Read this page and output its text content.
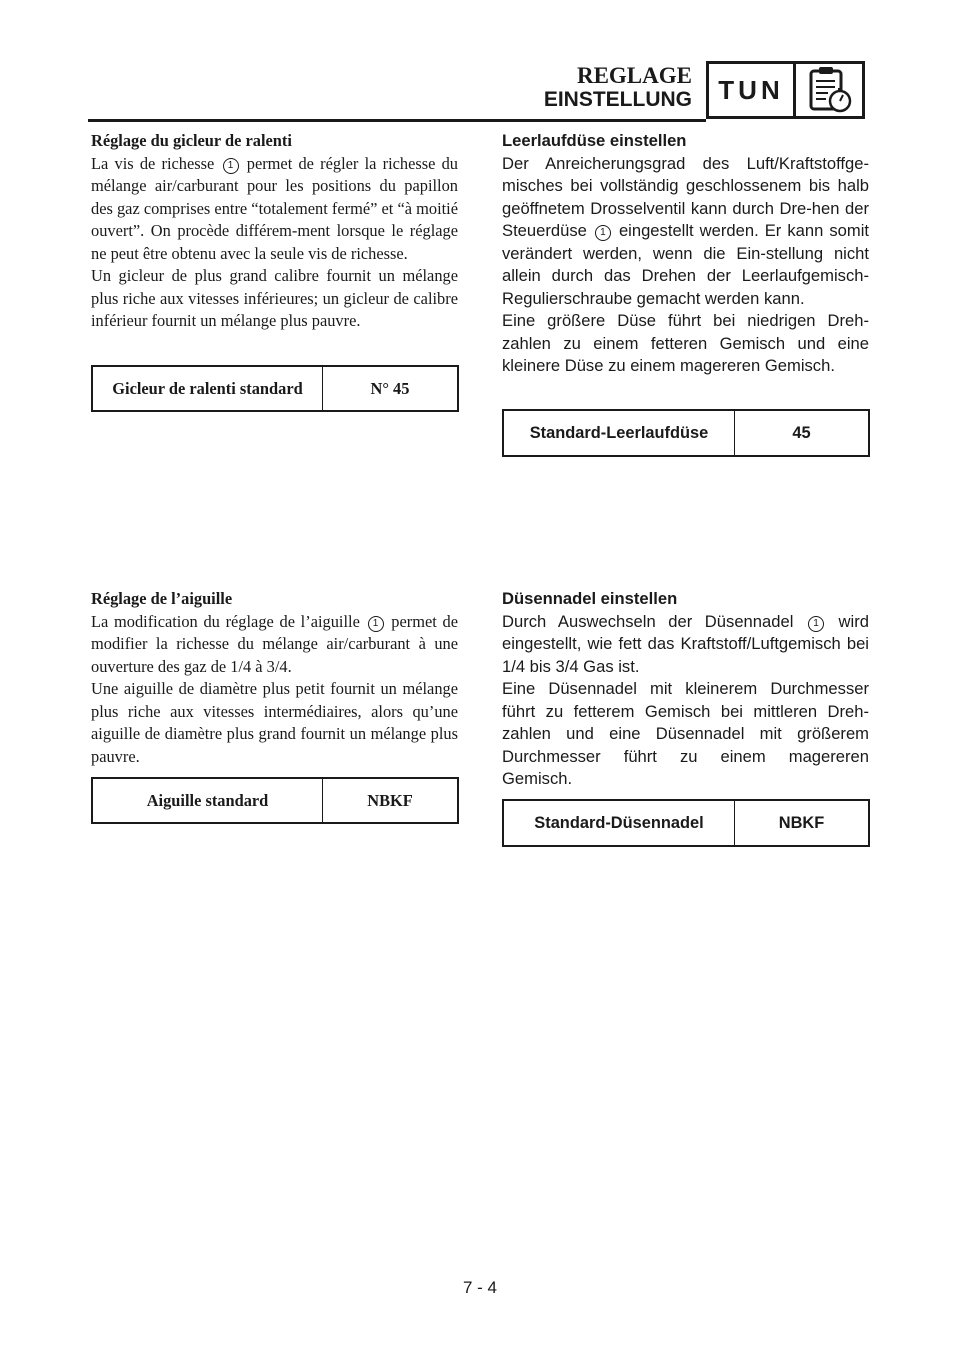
REGLAGE
EINSTELLUNG	TUN

Réglage du gicleur de ralenti

La vis de richesse 1 permet de régler la richesse du mélange air/carburant pour les positions du papillon des gaz comprises entre “totalement fermé” et “à moitié ouvert”. On procède différem-ment lorsque le réglage ne peut être obtenu avec la seule vis de richesse.

Un gicleur de plus grand calibre fournit un mélange plus riche aux vitesses inférieures; un gicleur de calibre inférieur fournit un mélange plus pauvre.

Gicleur de ralenti standard	N° 45

Leerlaufdüse einstellen

Der Anreicherungsgrad des Luft/Kraftstoffge-misches bei vollständig geschlossenem bis halb geöffnetem Drosselventil kann durch Dre-hen der Steuerdüse 1 eingestellt werden. Er kann somit verändert werden, wenn die Ein-stellung nicht allein durch das Drehen der Leerlaufgemisch-Regulierschraube gemacht werden kann.

Eine größere Düse führt bei niedrigen Dreh-zahlen zu einem fetteren Gemisch und eine kleinere Düse zu einem magereren Gemisch.

Standard-Leerlaufdüse	45

Réglage de l’aiguille

La modification du réglage de l’aiguille 1 permet de modifier la richesse du mélange air/carburant à une ouverture des gaz de 1/4 à 3/4.

Une aiguille de diamètre plus petit fournit un mélange plus riche aux vitesses intermédiaires, alors qu’une aiguille de diamètre plus grand fournit un mélange plus pauvre.

Aiguille standard	NBKF

Düsennadel einstellen

Durch Auswechseln der Düsennadel 1 wird eingestellt, wie fett das Kraftstoff/Luftgemisch bei 1/4 bis 3/4 Gas ist.

Eine Düsennadel mit kleinerem Durchmesser führt zu fetterem Gemisch bei mittleren Dreh-zahlen und eine Düsennadel mit größerem Durchmesser führt zu einem magereren Gemisch.

Standard-Düsennadel	NBKF
7 - 4
